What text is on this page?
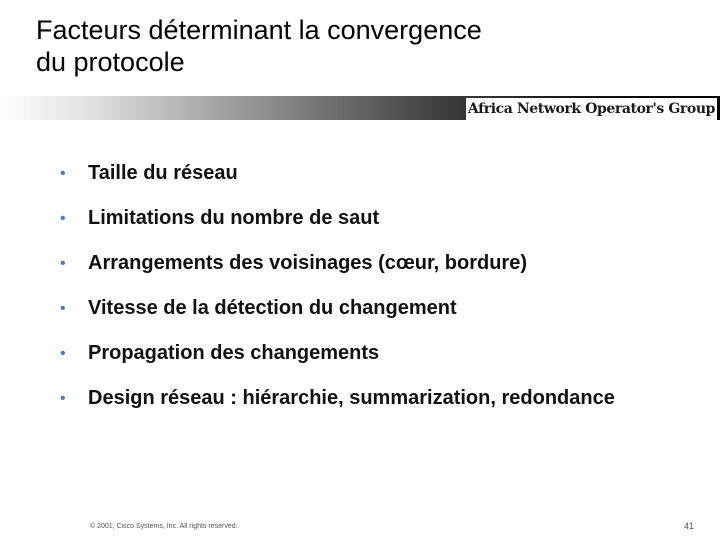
Facteurs déterminant la convergence
du protocole
Africa Network Operator's Group
• Taille du réseau
• Limitations du nombre de saut
• Arrangements des voisinages (cœur, bordure)
• Vitesse de la détection du changement
• Propagation des changements
• Design réseau : hiérarchie, summarization, redondance
© 2001, Cisco Systems, Inc. All rights reserved.	41
